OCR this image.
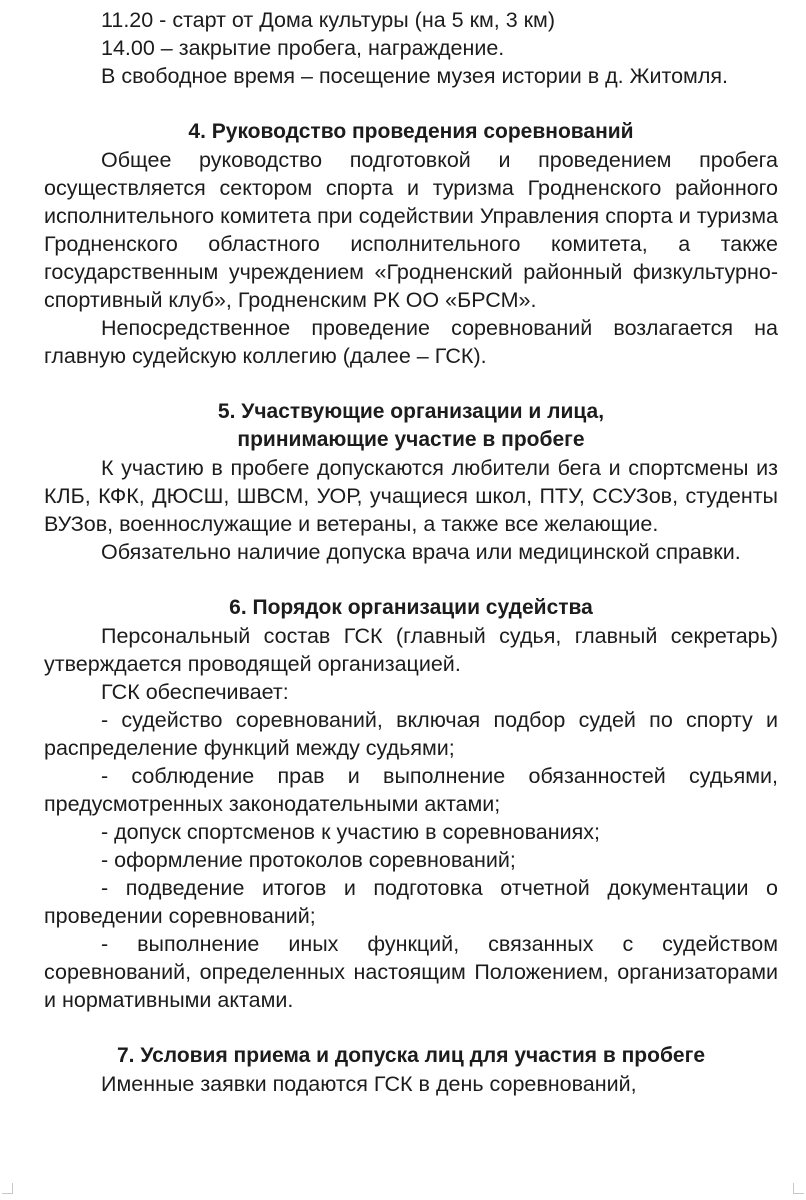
11.20 - старт от Дома культуры (на 5 км, 3 км)

14.00 – закрытие пробега, награждение.

В свободное время – посещение музея истории в д. Житомля.

4. Руководство проведения соревнований

Общее руководство подготовкой и проведением пробега осуществляется сектором спорта и туризма Гродненского районного исполнительного комитета при содействии Управления спорта и туризма Гродненского областного исполнительного комитета, а также государственным учреждением «Гродненский районный физкультурно-спортивный клуб», Гродненским РК ОО «БРСМ».

Непосредственное проведение соревнований возлагается на главную судейскую коллегию (далее – ГСК).

5. Участвующие организации и лица,
принимающие участие в пробеге

К участию в пробеге допускаются любители бега и спортсмены из КЛБ, КФК, ДЮСШ, ШВСМ, УОР, учащиеся школ, ПТУ, ССУЗов, студенты ВУЗов, военнослужащие и ветераны, а также все желающие.

Обязательно наличие допуска врача или медицинской справки.

6. Порядок организации судейства

Персональный состав ГСК (главный судья, главный секретарь) утверждается проводящей организацией.

ГСК обеспечивает:

- судейство соревнований, включая подбор судей по спорту и распределение функций между судьями;

- соблюдение прав и выполнение обязанностей судьями, предусмотренных законодательными актами;

- допуск спортсменов к участию в соревнованиях;

- оформление протоколов соревнований;

- подведение итогов и подготовка отчетной документации о проведении соревнований;

- выполнение иных функций, связанных с судейством соревнований, определенных настоящим Положением, организаторами и нормативными актами.

7. Условия приема и допуска лиц для участия в пробеге

Именные заявки подаются ГСК в день соревнований,
